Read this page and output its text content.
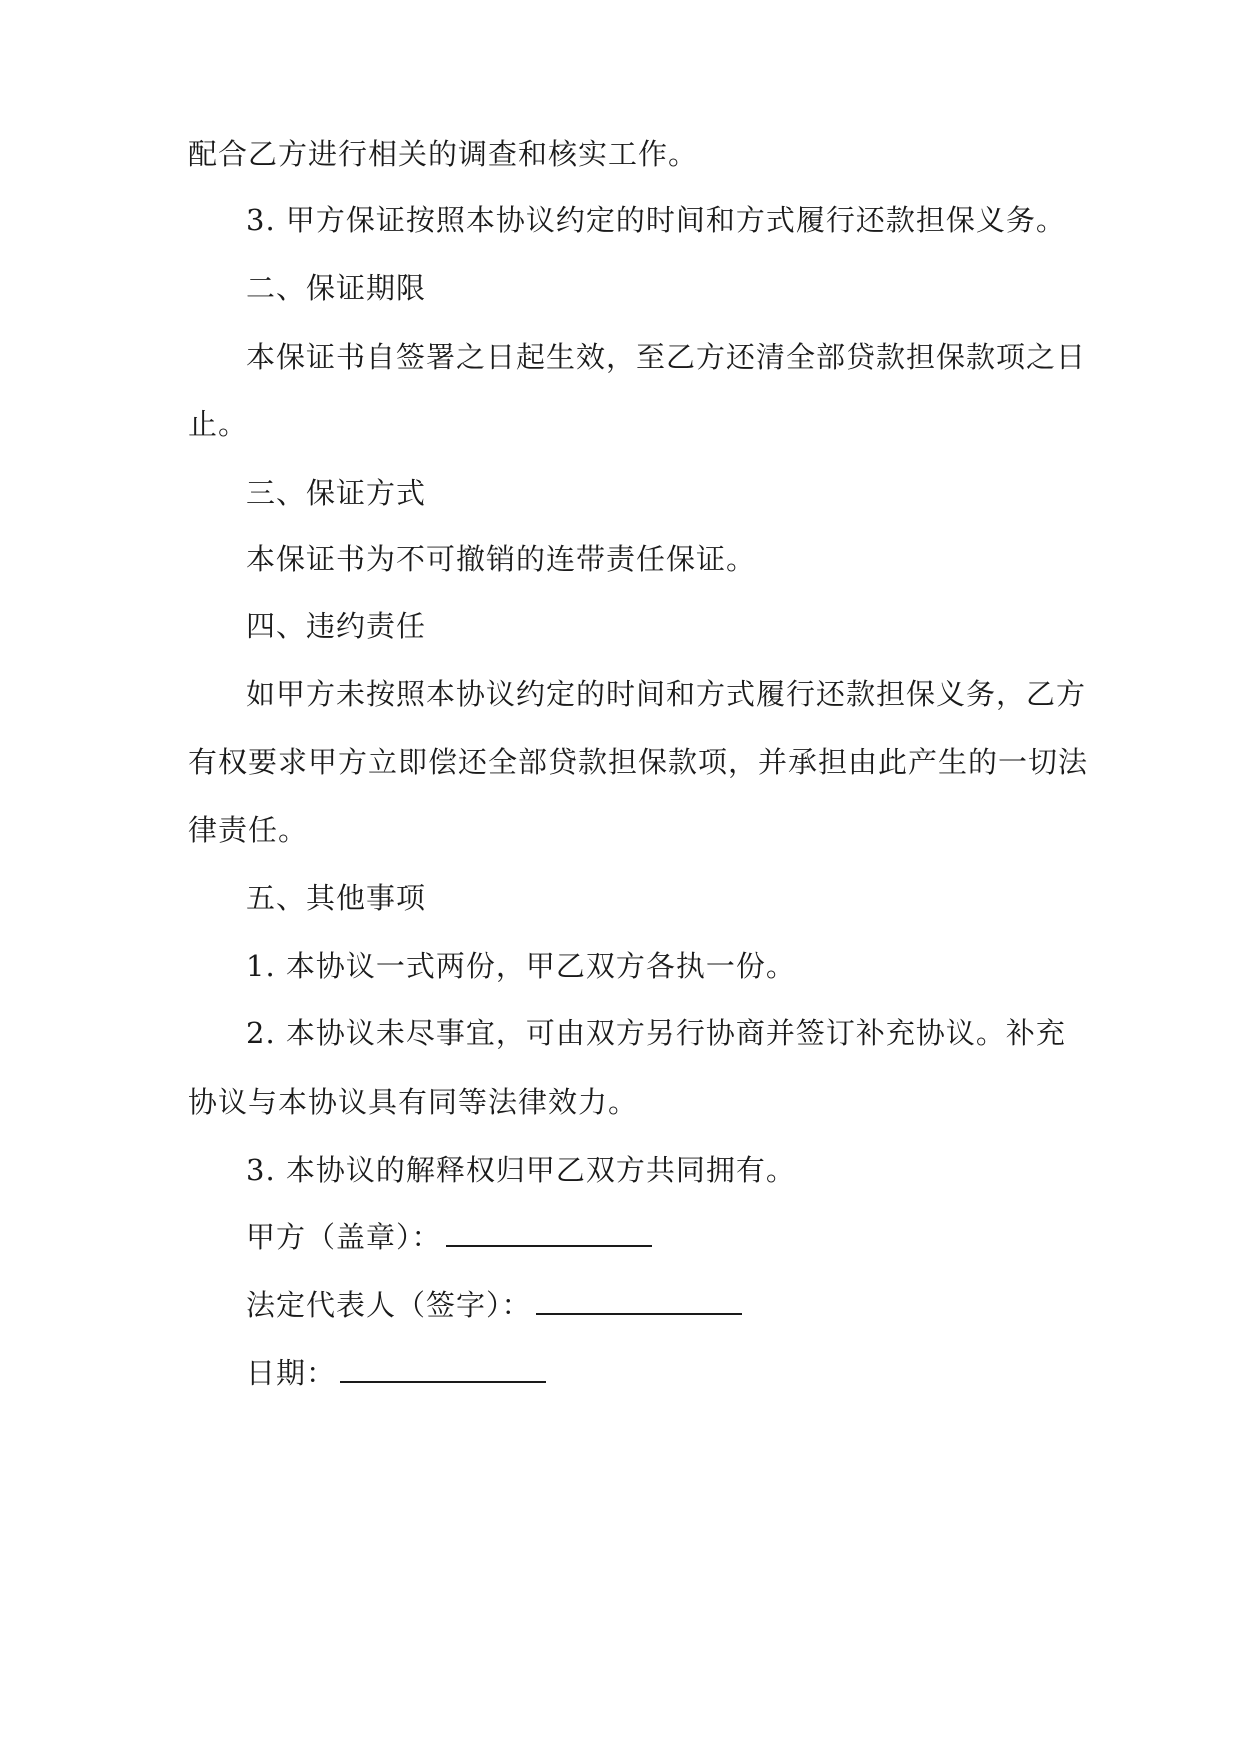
配合乙方进行相关的调查和核实工作。
3. 甲方保证按照本协议约定的时间和方式履行还款担保义务。
二、保证期限
本保证书自签署之日起生效，至乙方还清全部贷款担保款项之日
止。
三、保证方式
本保证书为不可撤销的连带责任保证。
四、违约责任
如甲方未按照本协议约定的时间和方式履行还款担保义务，乙方
有权要求甲方立即偿还全部贷款担保款项，并承担由此产生的一切法
律责任。
五、其他事项
1. 本协议一式两份，甲乙双方各执一份。
2. 本协议未尽事宜，可由双方另行协商并签订补充协议。补充
协议与本协议具有同等法律效力。
3. 本协议的解释权归甲乙双方共同拥有。
甲方（盖章）：
法定代表人（签字）：
日期：
